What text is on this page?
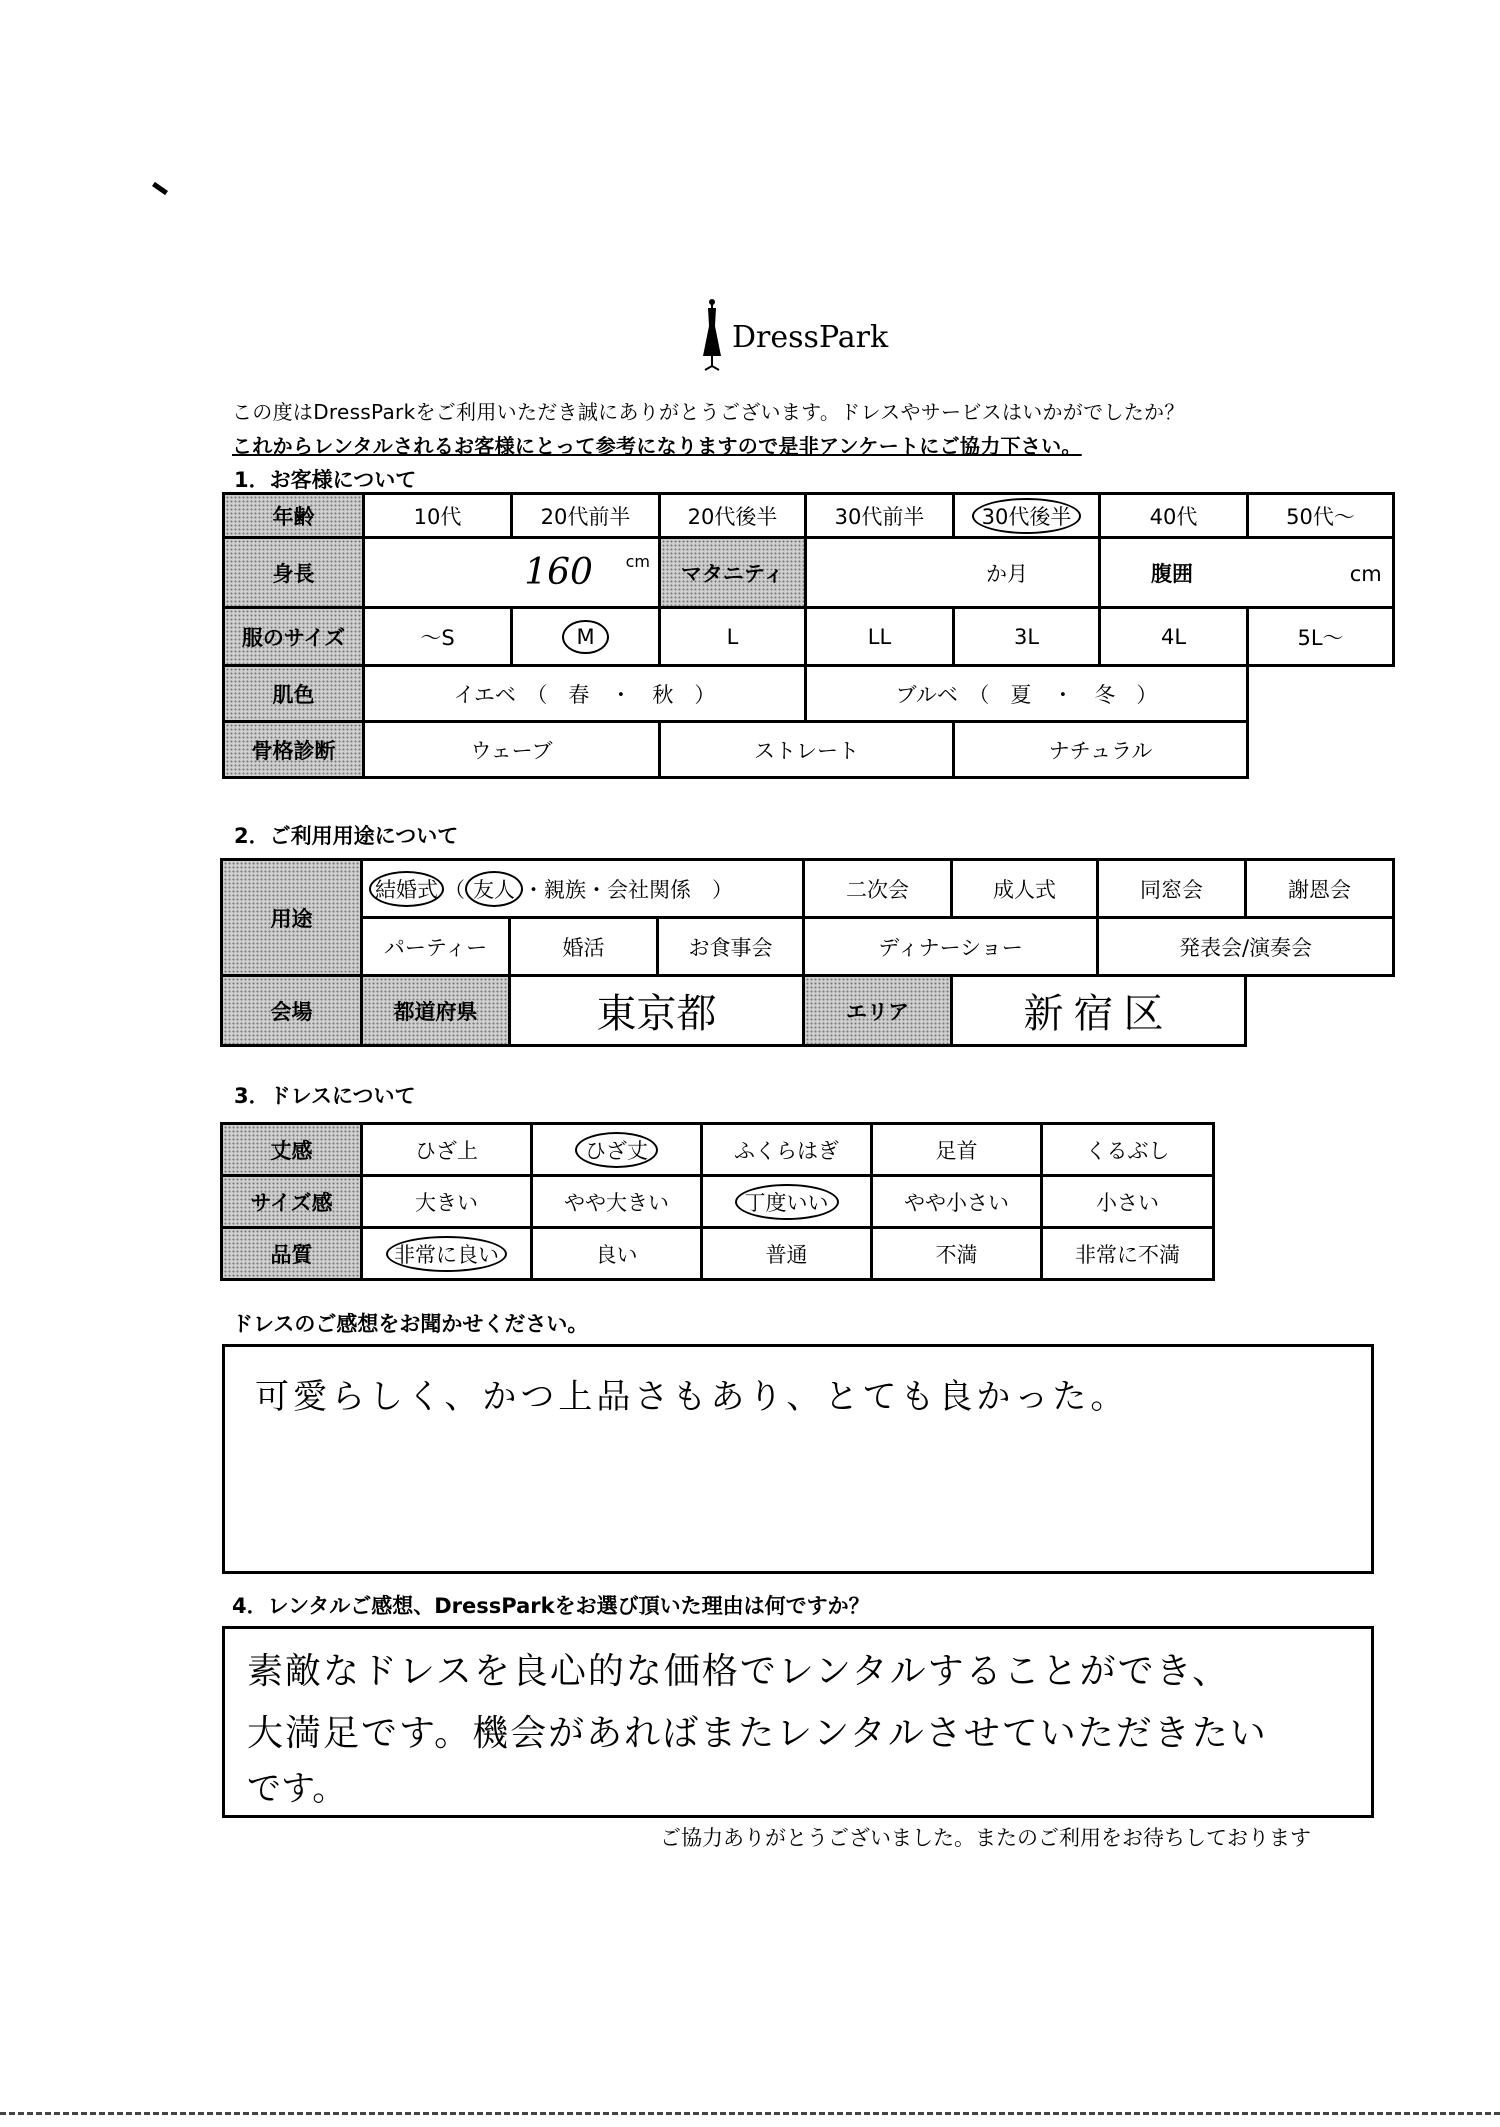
DressPark
この度はDressParkをご利用いただき誠にありがとうございます。ドレスやサービスはいかがでしたか？
これからレンタルされるお客様にとって参考になりますので是非アンケートにご協力下さい。
1．お客様について
年齢	10代	20代前半	20代後半	30代前半	30代後半	40代	50代～
身長	160 $^{cm}$		マタニティ	か月		腹囲 cm	
服のサイズ	～S	M	L	LL	3L	4L	5L～
肌色	イエベ　（　春　・　秋　）			ブルベ　（　夏　・　冬　）			
骨格診断	ウェーブ		ストレート		ナチュラル		
2．ご利用用途について
用途	結婚式 （ 友人 ・親族・会社関係　）			二次会	成人式	同窓会	謝恩会
	パーティー	婚活	お食事会	ディナーショー		発表会/演奏会	
会場	都道府県	東京都		エリア	新宿区		
3．ドレスについて
丈感	ひざ上	ひざ丈	ふくらはぎ	足首	くるぶし
サイズ感	大きい	やや大きい	丁度いい	やや小さい	小さい
品質	非常に良い	良い	普通	不満	非常に不満
ドレスのご感想をお聞かせください。
可愛らしく、かつ上品さもあり、とても良かった。
4．レンタルご感想、DressParkをお選び頂いた理由は何ですか？
素敵なドレスを良心的な価格でレンタルすることができ、
大満足です。機会があればまたレンタルさせていただきたい
です。
ご協力ありがとうございました。またのご利用をお待ちしております
